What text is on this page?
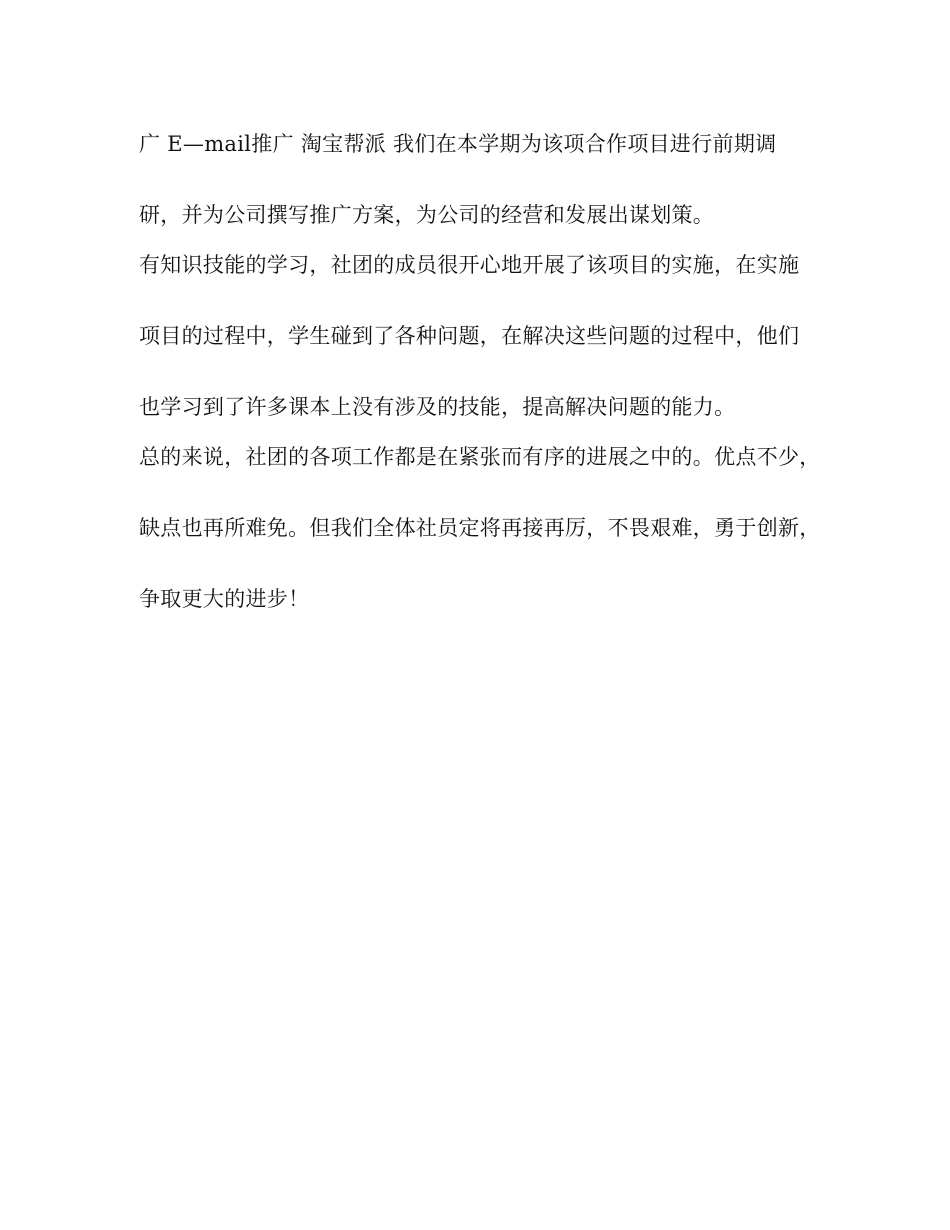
广 E—mail推广 淘宝帮派 我们在本学期为该项合作项目进行前期调
研，并为公司撰写推广方案，为公司的经营和发展出谋划策。
有知识技能的学习，社团的成员很开心地开展了该项目的实施，在实施
项目的过程中，学生碰到了各种问题，在解决这些问题的过程中，他们
也学习到了许多课本上没有涉及的技能，提高解决问题的能力。
总的来说，社团的各项工作都是在紧张而有序的进展之中的。优点不少，
缺点也再所难免。但我们全体社员定将再接再厉，不畏艰难，勇于创新，
争取更大的进步！
